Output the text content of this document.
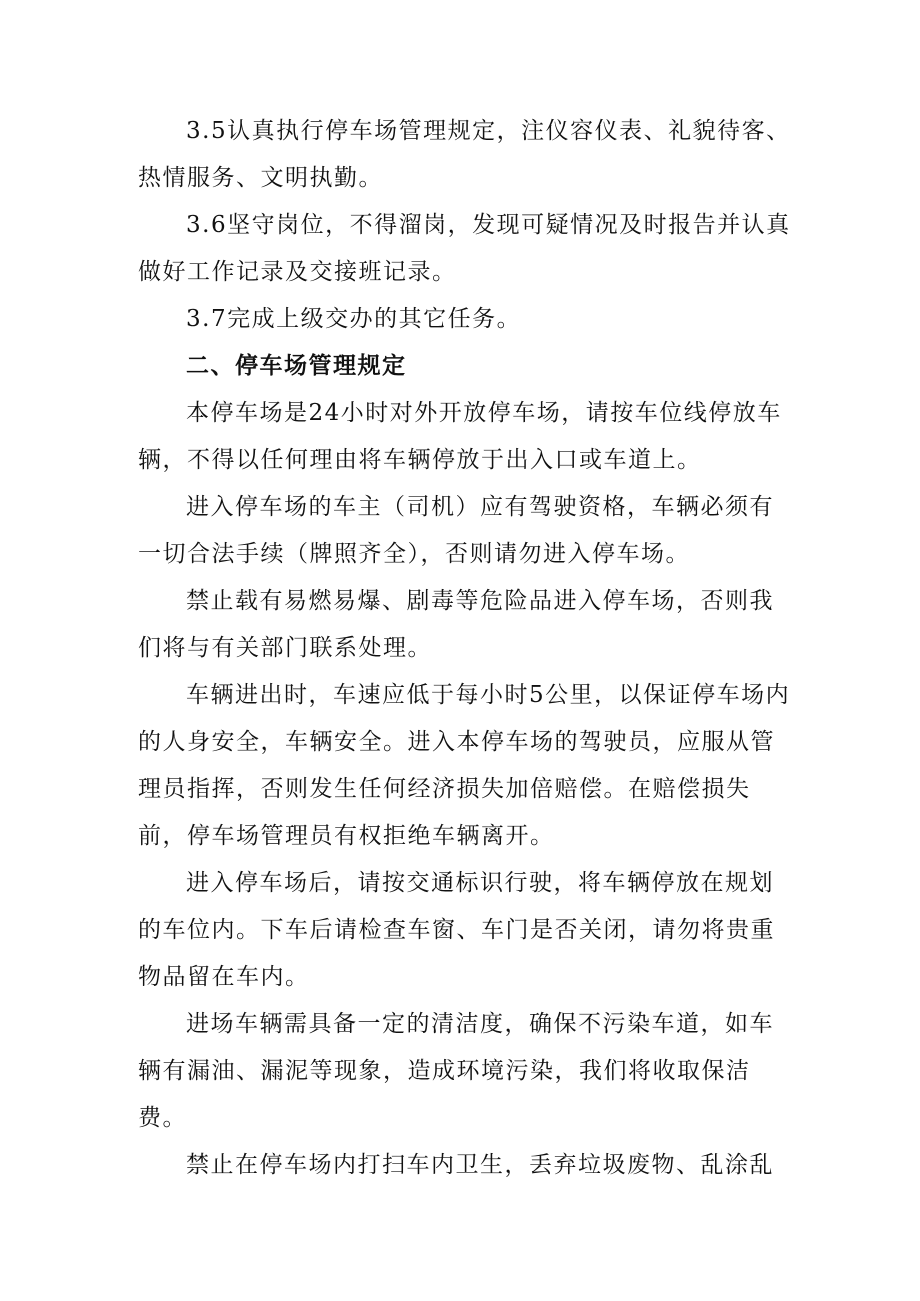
3.5认真执行停车场管理规定，注仪容仪表、礼貌待客、热情服务、文明执勤。

3.6坚守岗位，不得溜岗，发现可疑情况及时报告并认真做好工作记录及交接班记录。

3.7完成上级交办的其它任务。

二、停车场管理规定

本停车场是24小时对外开放停车场，请按车位线停放车辆，不得以任何理由将车辆停放于出入口或车道上。

进入停车场的车主（司机）应有驾驶资格，车辆必须有一切合法手续（牌照齐全），否则请勿进入停车场。

禁止载有易燃易爆、剧毒等危险品进入停车场，否则我们将与有关部门联系处理。

车辆进出时，车速应低于每小时5公里，以保证停车场内的人身安全，车辆安全。进入本停车场的驾驶员，应服从管理员指挥，否则发生任何经济损失加倍赔偿。在赔偿损失前，停车场管理员有权拒绝车辆离开。

进入停车场后，请按交通标识行驶，将车辆停放在规划的车位内。下车后请检查车窗、车门是否关闭，请勿将贵重物品留在车内。

进场车辆需具备一定的清洁度，确保不污染车道，如车辆有漏油、漏泥等现象，造成环境污染，我们将收取保洁费。

禁止在停车场内打扫车内卫生，丢弃垃圾废物、乱涂乱
